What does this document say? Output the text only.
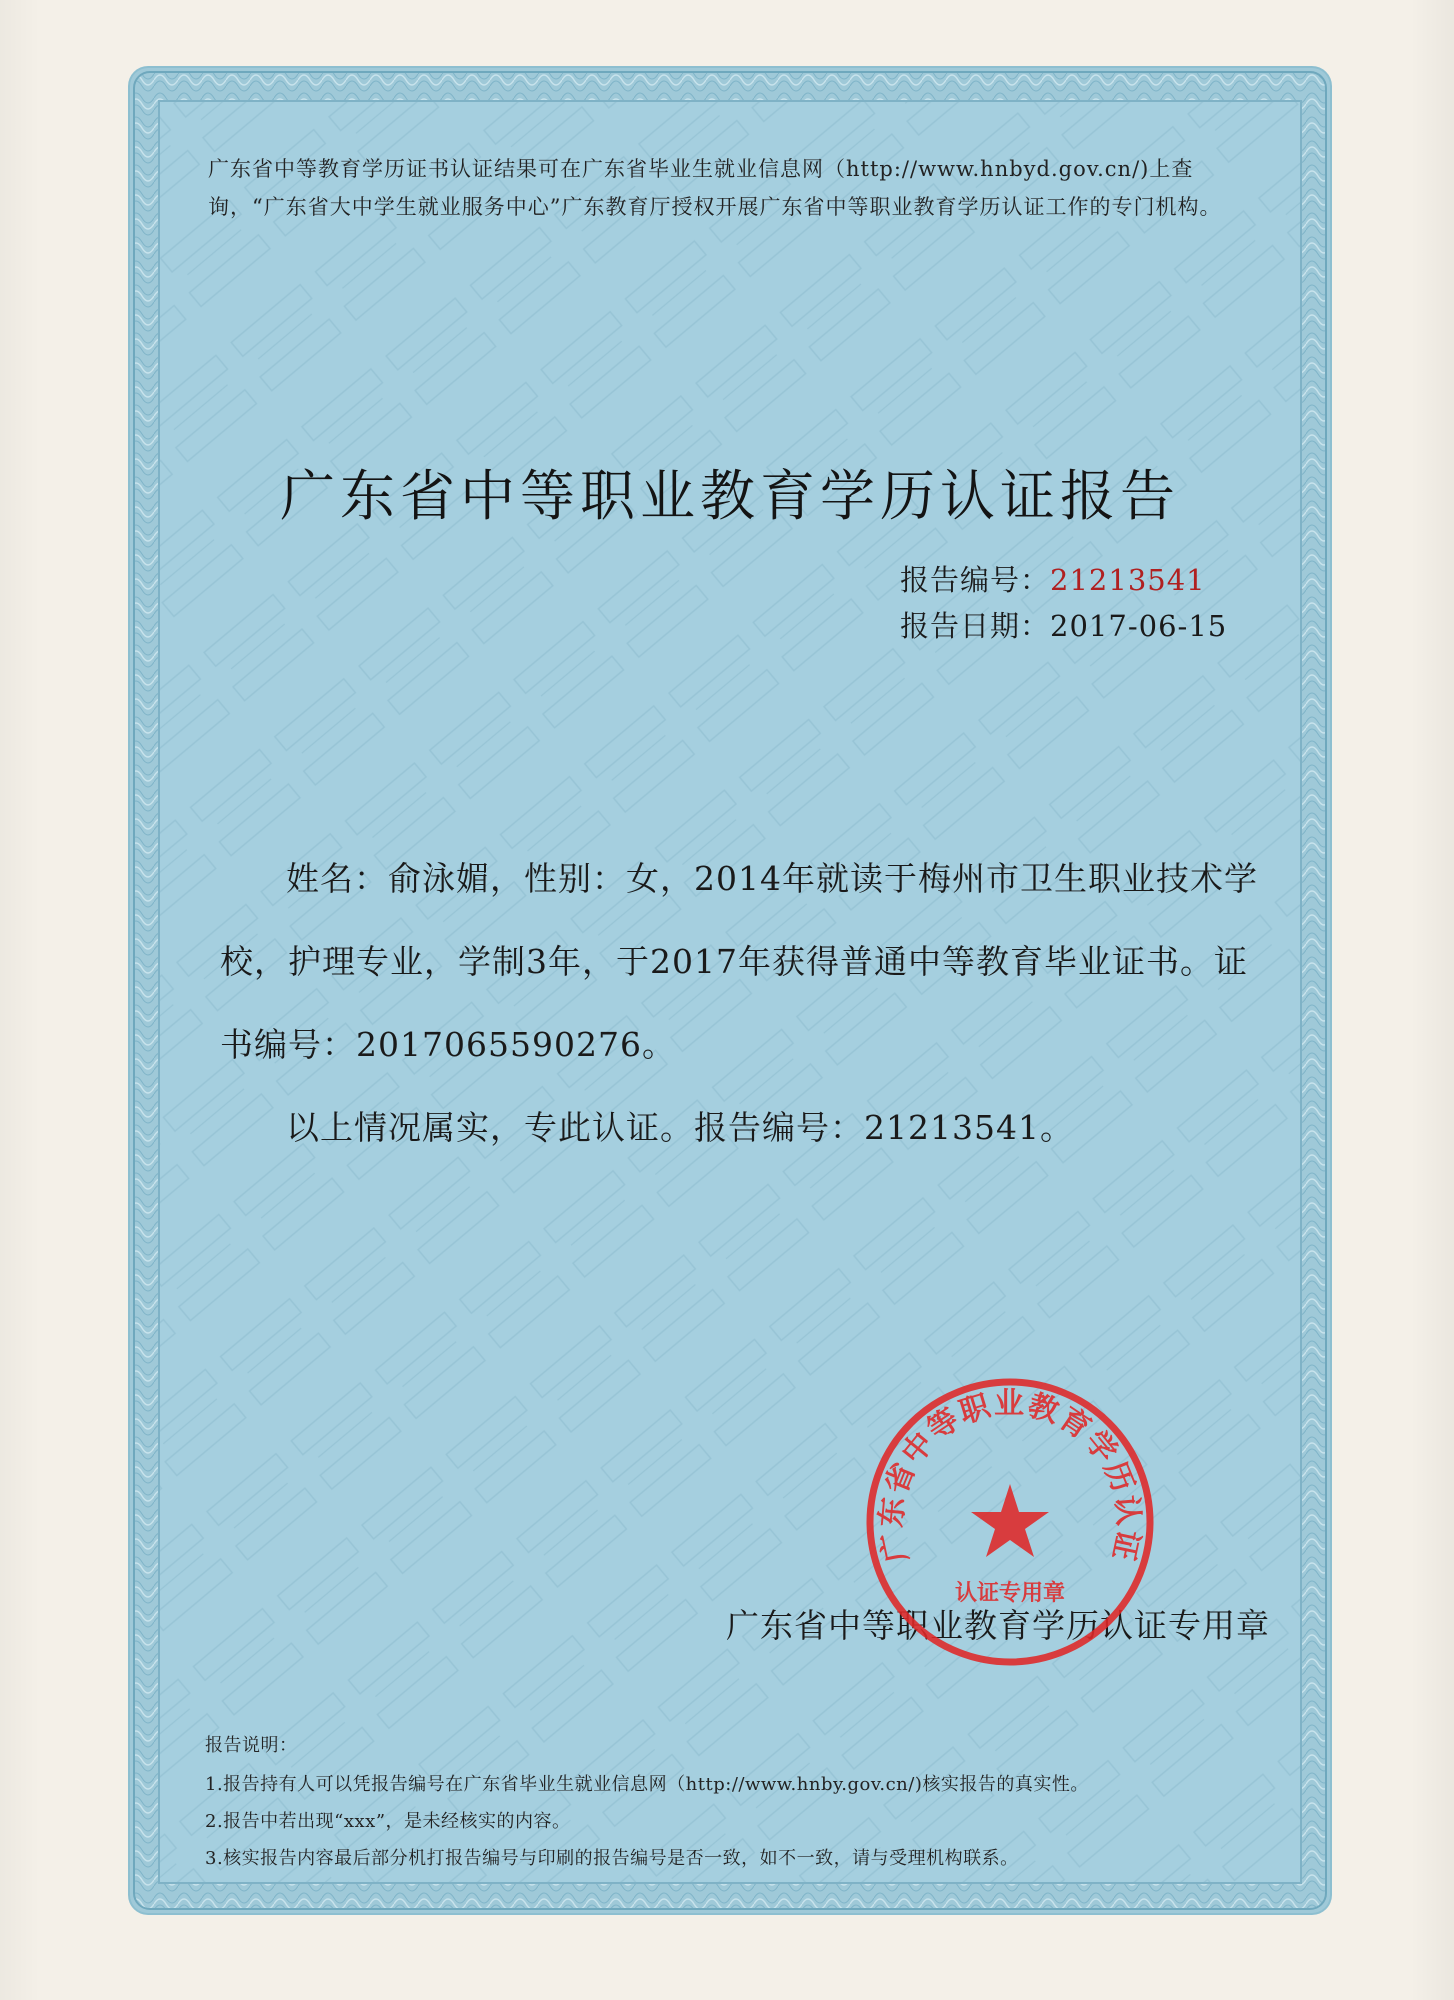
广东省中等教育学历证书认证结果可在广东省毕业生就业信息网（http://www.hnbyd.gov.cn/)上查询，“广东省大中学生就业服务中心”广东教育厅授权开展广东省中等职业教育学历认证工作的专门机构。
广东省中等职业教育学历认证报告
报告编号：21213541
报告日期：2017-06-15

姓名：俞泳媚，性别：女，2014年就读于梅州市卫生职业技术学校，护理专业，学制3年，于2017年获得普通中等教育毕业证书。证书编号：2017065590276。

以上情况属实，专此认证。报告编号：21213541。

广东省中等职业教育学历认证专用章
广东省中等职业教育学历认证
认证专用章
报告说明：
1.报告持有人可以凭报告编号在广东省毕业生就业信息网（http://www.hnby.gov.cn/)核实报告的真实性。
2.报告中若出现“xxx”，是未经核实的内容。
3.核实报告内容最后部分机打报告编号与印刷的报告编号是否一致，如不一致，请与受理机构联系。
